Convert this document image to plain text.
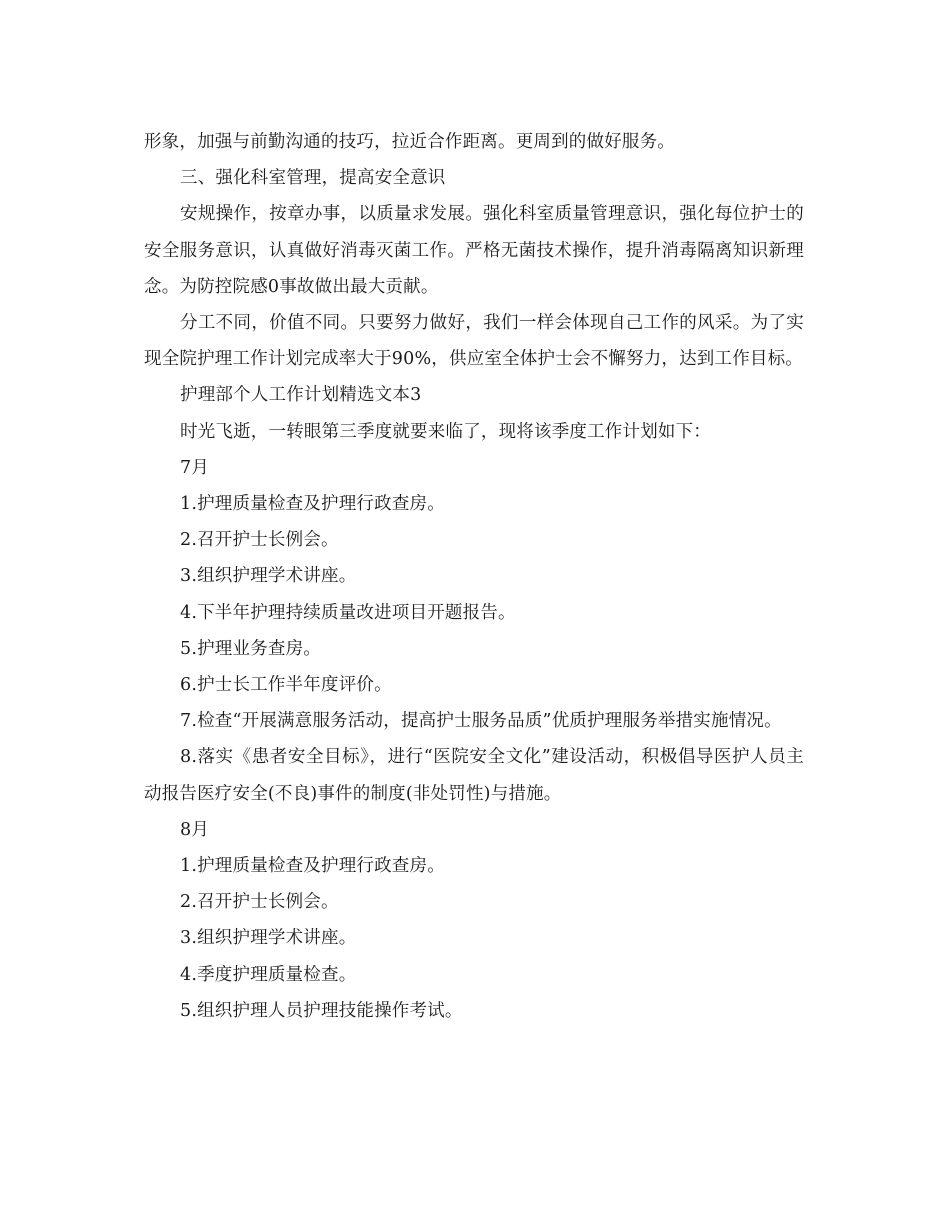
形象，加强与前勤沟通的技巧，拉近合作距离。更周到的做好服务。

三、强化科室管理，提高安全意识

安规操作，按章办事，以质量求发展。强化科室质量管理意识，强化每位护士的安全服务意识，认真做好消毒灭菌工作。严格无菌技术操作，提升消毒隔离知识新理念。为防控院感0事故做出最大贡献。

分工不同，价值不同。只要努力做好，我们一样会体现自己工作的风采。为了实现全院护理工作计划完成率大于90%，供应室全体护士会不懈努力，达到工作目标。

护理部个人工作计划精选文本3

时光飞逝，一转眼第三季度就要来临了，现将该季度工作计划如下：

7月

1.护理质量检查及护理行政查房。

2.召开护士长例会。

3.组织护理学术讲座。

4.下半年护理持续质量改进项目开题报告。

5.护理业务查房。

6.护士长工作半年度评价。

7.检查“开展满意服务活动，提高护士服务品质”优质护理服务举措实施情况。

8.落实《患者安全目标》，进行“医院安全文化”建设活动，积极倡导医护人员主动报告医疗安全(不良)事件的制度(非处罚性)与措施。

8月

1.护理质量检查及护理行政查房。

2.召开护士长例会。

3.组织护理学术讲座。

4.季度护理质量检查。

5.组织护理人员护理技能操作考试。
